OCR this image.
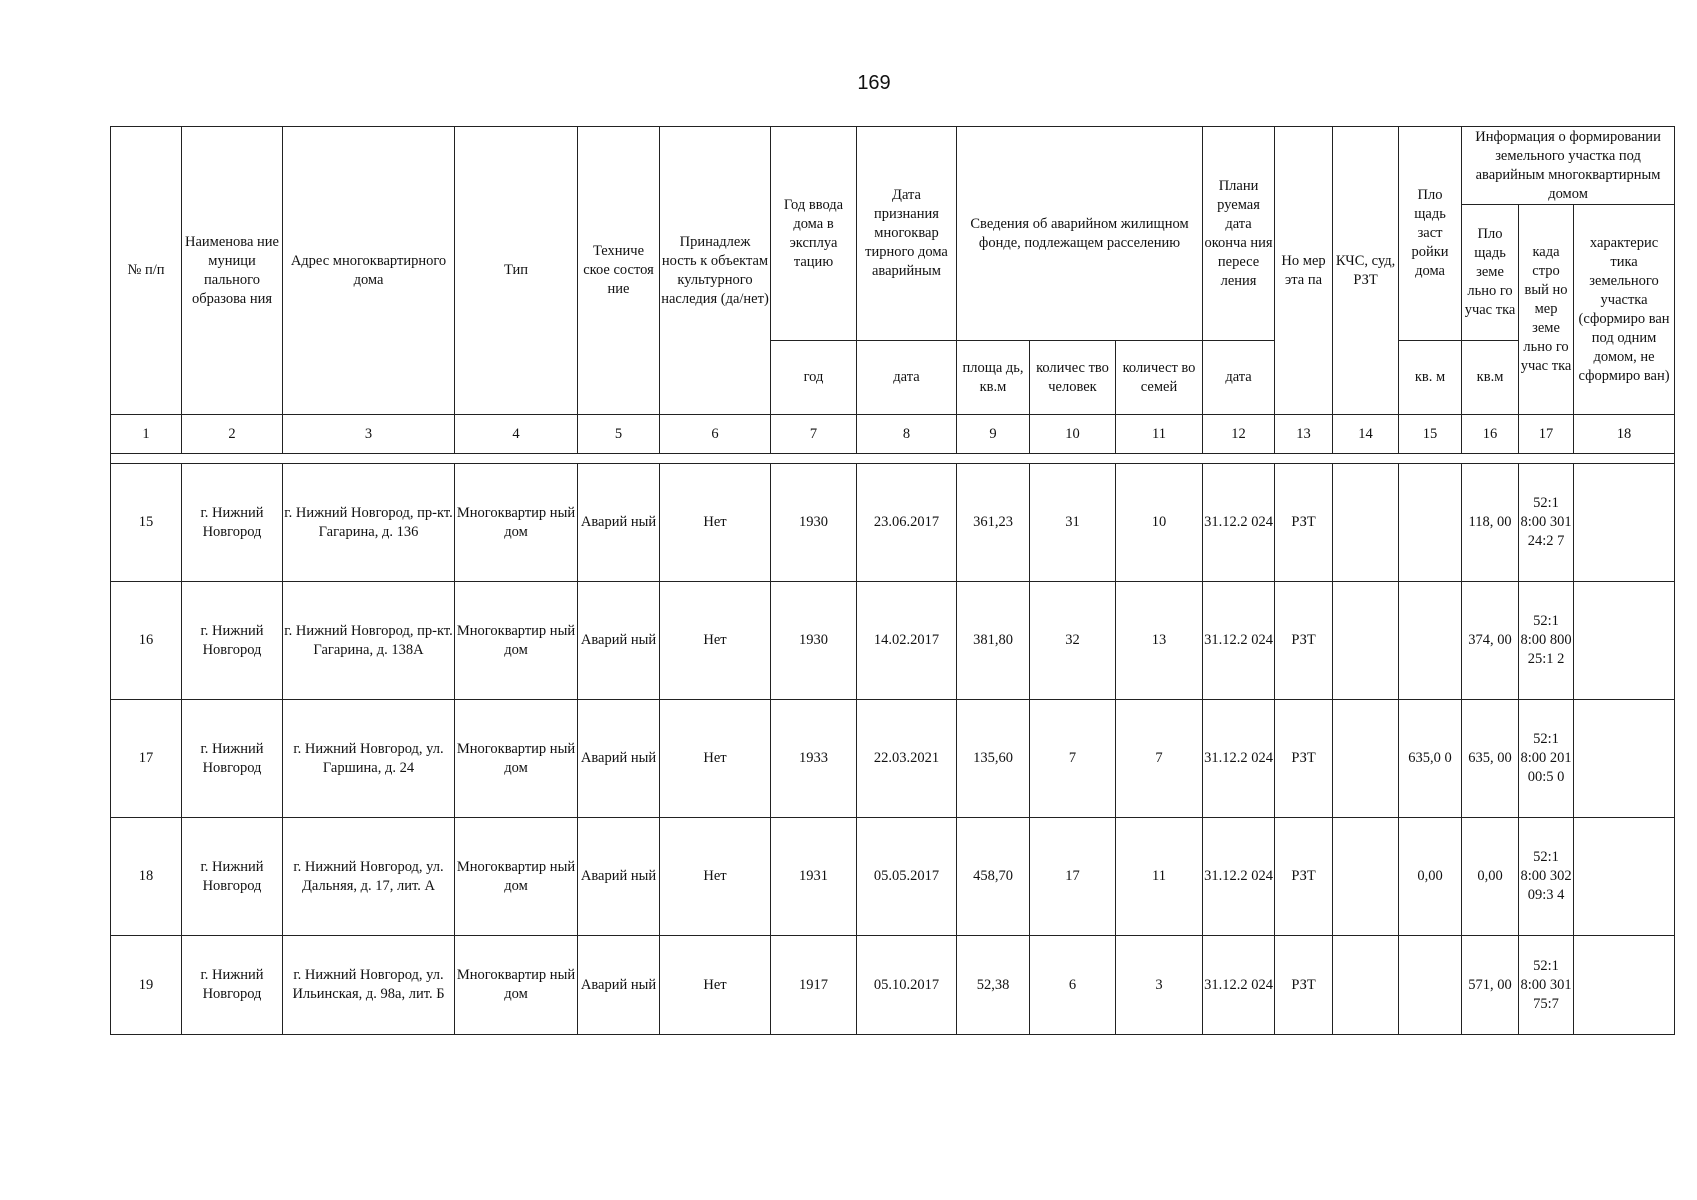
169
№ п/п	Наименова ние муници пального образова ния	Адрес многоквартирного дома	Тип	Техниче ское состоя ние	Принадлеж ность к объектам культурного наследия (да/нет)	Год ввода дома в эксплуа тацию	Дата признания многоквар тирного дома аварийным	Сведения об аварийном жилищном фонде, подлежащем расселению			Плани руемая дата оконча ния пересе ления	Но мер эта па	КЧС, суд, РЗТ	Пло щадь заст ройки дома	Информация о формировании земельного участка под аварийным многоквартирным домом		
															Пло щадь земе льно го учас тка	када стро вый но мер земе льно го учас тка	характерис тика земельного участка (сформиро ван под одним домом, не сформиро ван)
						год	дата	площа дь, кв.м	количес тво человек	количест во семей	дата			кв. м	кв.м		
1	2	3	4	5	6	7	8	9	10	11	12	13	14	15	16	17	18

15	г. Нижний Новгород	г. Нижний Новгород, пр-кт. Гагарина, д. 136	Многоквартир ный дом	Аварий ный	Нет	1930	23.06.2017	361,23	31	10	31.12.2 024	РЗТ			118, 00	52:1 8:00 301 24:2 7	
16	г. Нижний Новгород	г. Нижний Новгород, пр-кт. Гагарина, д. 138А	Многоквартир ный дом	Аварий ный	Нет	1930	14.02.2017	381,80	32	13	31.12.2 024	РЗТ			374, 00	52:1 8:00 800 25:1 2	
17	г. Нижний Новгород	г. Нижний Новгород, ул. Гаршина, д. 24	Многоквартир ный дом	Аварий ный	Нет	1933	22.03.2021	135,60	7	7	31.12.2 024	РЗТ		635,0 0	635, 00	52:1 8:00 201 00:5 0	
18	г. Нижний Новгород	г. Нижний Новгород, ул. Дальняя, д. 17, лит. А	Многоквартир ный дом	Аварий ный	Нет	1931	05.05.2017	458,70	17	11	31.12.2 024	РЗТ		0,00	0,00	52:1 8:00 302 09:3 4	
19	г. Нижний Новгород	г. Нижний Новгород, ул. Ильинская, д. 98а, лит. Б	Многоквартир ный дом	Аварий ный	Нет	1917	05.10.2017	52,38	6	3	31.12.2 024	РЗТ			571, 00	52:1 8:00 301 75:7	
